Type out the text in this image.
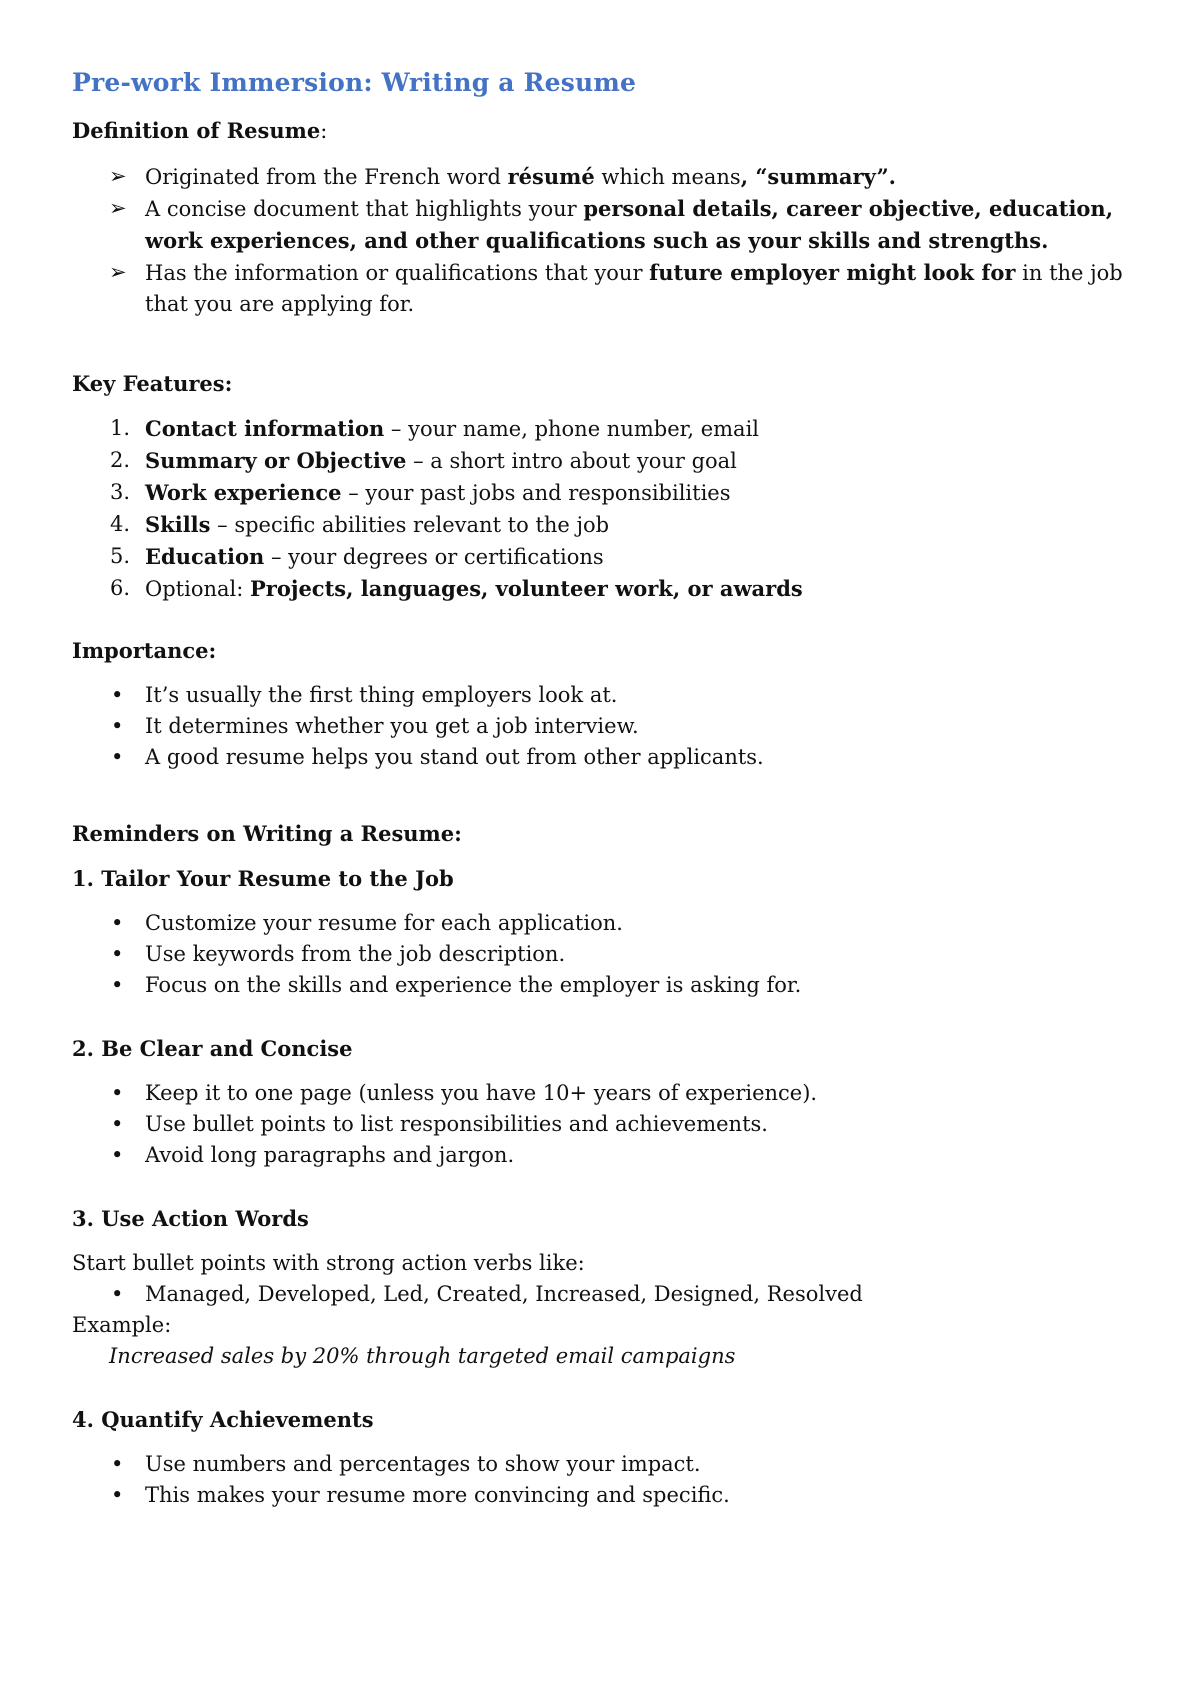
Pre-work Immersion: Writing a Resume
Definition of Resume:
➢ Originated from the French word résumé which means, “summary”.
➢ A concise document that highlights your personal details, career objective, education, work experiences, and other qualifications such as your skills and strengths.
➢ Has the information or qualifications that your future employer might look for in the job that you are applying for.
Key Features:
1. Contact information – your name, phone number, email
2. Summary or Objective – a short intro about your goal
3. Work experience – your past jobs and responsibilities
4. Skills – specific abilities relevant to the job
5. Education – your degrees or certifications
6. Optional: Projects, languages, volunteer work, or awards
Importance:
•	It’s usually the first thing employers look at.
•	It determines whether you get a job interview.
•	A good resume helps you stand out from other applicants.
Reminders on Writing a Resume:
1. Tailor Your Resume to the Job
•	Customize your resume for each application.
•	Use keywords from the job description.
•	Focus on the skills and experience the employer is asking for.
2. Be Clear and Concise
•	Keep it to one page (unless you have 10+ years of experience).
•	Use bullet points to list responsibilities and achievements.
•	Avoid long paragraphs and jargon.
3. Use Action Words
Start bullet points with strong action verbs like:
•	Managed, Developed, Led, Created, Increased, Designed, Resolved
Example:
Increased sales by 20% through targeted email campaigns
4. Quantify Achievements
•	Use numbers and percentages to show your impact.
•	This makes your resume more convincing and specific.
